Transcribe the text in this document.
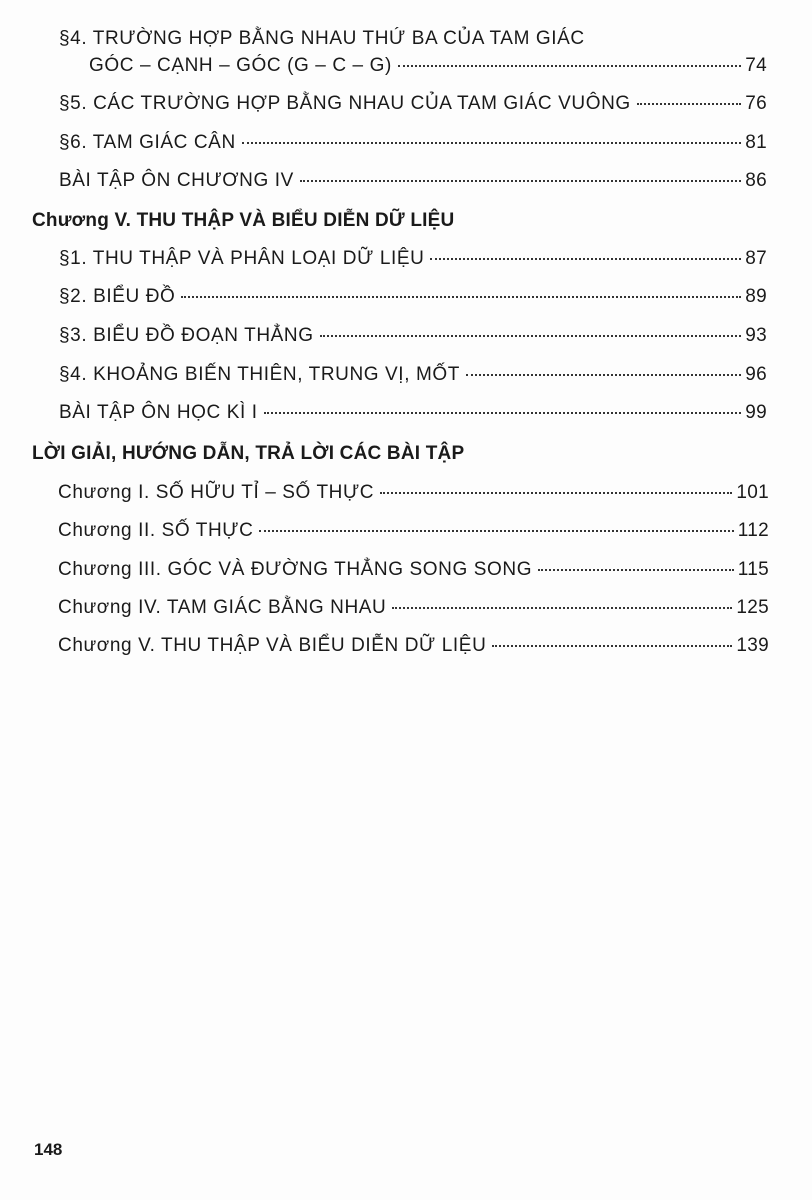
§4. TRƯỜNG HỢP BẰNG NHAU THỨ BA CỦA TAM GIÁC
GÓC – CẠNH – GÓC (G – C – G)	74
§5. CÁC TRƯỜNG HỢP BẰNG NHAU CỦA TAM GIÁC VUÔNG	76
§6. TAM GIÁC CÂN	81
BÀI TẬP ÔN CHƯƠNG IV	86
Chương V. THU THẬP VÀ BIỂU DIỄN DỮ LIỆU
§1. THU THẬP VÀ PHÂN LOẠI DỮ LIỆU	87
§2. BIỂU ĐỒ	89
§3. BIỂU ĐỒ ĐOẠN THẲNG	93
§4. KHOẢNG BIẾN THIÊN, TRUNG VỊ, MỐT	96
BÀI TẬP ÔN HỌC KÌ I	99
LỜI GIẢI, HƯỚNG DẪN, TRẢ LỜI CÁC BÀI TẬP
Chương I. SỐ HỮU TỈ – SỐ THỰC	101
Chương II. SỐ THỰC	112
Chương III. GÓC VÀ ĐƯỜNG THẲNG SONG SONG	115
Chương IV. TAM GIÁC BẰNG NHAU	125
Chương V. THU THẬP VÀ BIỂU DIỄN DỮ LIỆU	139
148
